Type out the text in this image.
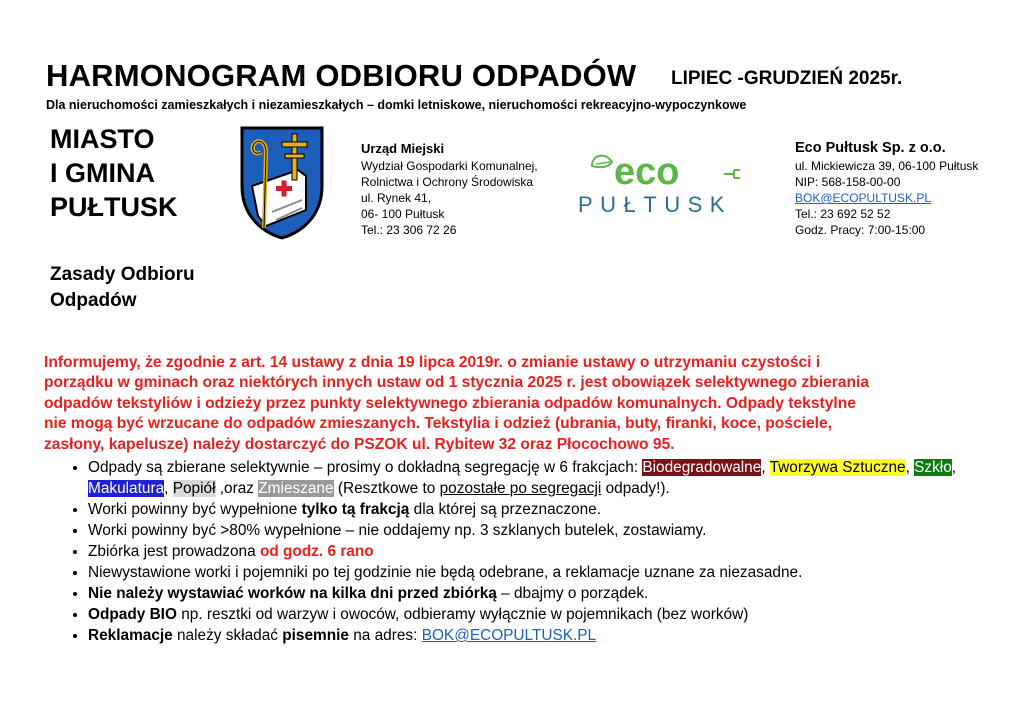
HARMONOGRAM ODBIORU ODPADÓW LIPIEC -GRUDZIEŃ 2025r.
Dla nieruchomości zamieszkałych i niezamieszkałych – domki letniskowe, nieruchomości rekreacyjno-wypoczynkowe
MIASTO
I GMINA
PUŁTUSK
Urząd Miejski
Wydział Gospodarki Komunalnej,
Rolnictwa i Ochrony Środowiska
ul. Rynek 41,
06- 100 Pułtusk
Tel.: 23 306 72 26
eco
PUŁTUSK
Eco Pułtusk Sp. z o.o.
ul. Mickiewicza 39, 06-100 Pułtusk
NIP: 568-158-00-00
BOK@ECOPULTUSK.PL
Tel.: 23 692 52 52
Godz. Pracy: 7:00-15:00
Zasady Odbioru
Odpadów
Informujemy, że zgodnie z art. 14 ustawy z dnia 19 lipca 2019r. o zmianie ustawy o utrzymaniu czystości i
porządku w gminach oraz niektórych innych ustaw od 1 stycznia 2025 r. jest obowiązek selektywnego zbierania
odpadów tekstyliów i odzieży przez punkty selektywnego zbierania odpadów komunalnych. Odpady tekstylne
nie mogą być wrzucane do odpadów zmieszanych. Tekstylia i odzież (ubrania, buty, firanki, koce, pościele,
zasłony, kapelusze) należy dostarczyć do PSZOK ul. Rybitew 32 oraz Płocochowo 95.
• Odpady są zbierane selektywnie – prosimy o dokładną segregację w 6 frakcjach: Biodegradowalne, Tworzywa Sztuczne, Szkło, Makulatura, Popiół ,oraz Zmieszane (Resztkowe to pozostałe po segregacji odpady!).
• Worki powinny być wypełnione tylko tą frakcją dla której są przeznaczone.
• Worki powinny być >80% wypełnione – nie oddajemy np. 3 szklanych butelek, zostawiamy.
• Zbiórka jest prowadzona od godz. 6 rano
• Niewystawione worki i pojemniki po tej godzinie nie będą odebrane, a reklamacje uznane za niezasadne.
• Nie należy wystawiać worków na kilka dni przed zbiórką – dbajmy o porządek.
• Odpady BIO np. resztki od warzyw i owoców, odbieramy wyłącznie w pojemnikach (bez worków)
• Reklamacje należy składać pisemnie na adres: BOK@ECOPULTUSK.PL
